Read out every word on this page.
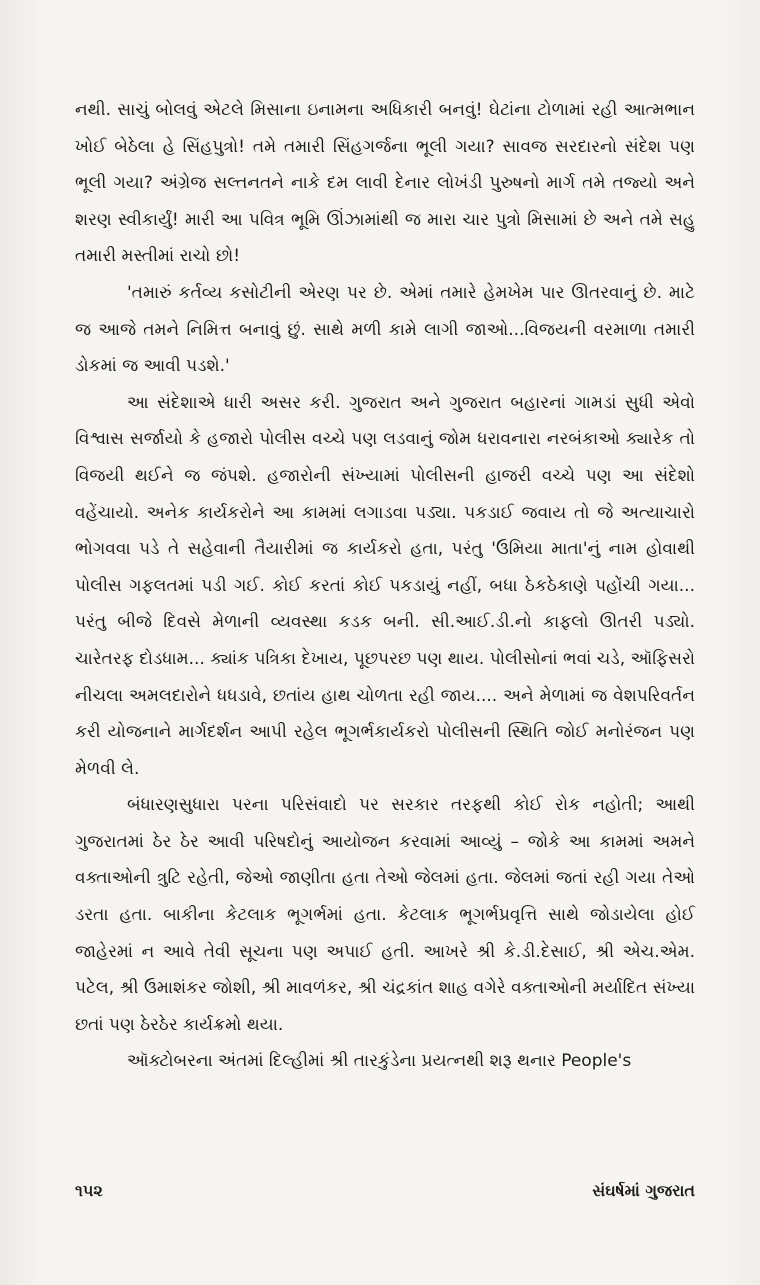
નથી. સાચું બોલવું એટલે મિસાના ઇનામના અધિકારી બનવું! ઘેટાંના ટોળામાં રહી આત્મભાન ખોઈ બેઠેલા હે સિંહપુત્રો! તમે તમારી સિંહગર્જના ભૂલી ગયા? સાવજ સરદારનો સંદેશ પણ ભૂલી ગયા? અંગ્રેજ સલ્તનતને નાકે દમ લાવી દેનાર લોખંડી પુરુષનો માર્ગ તમે તજ્યો અને શરણ સ્વીકાર્યું! મારી આ પવિત્ર ભૂમિ ઊંઝામાંથી જ મારા ચાર પુત્રો મિસામાં છે અને તમે સહુ તમારી મસ્તીમાં રાચો છો!

'તમારું કર્તવ્ય કસોટીની એરણ પર છે. એમાં તમારે હેમખેમ પાર ઊતરવાનું છે. માટે જ આજે તમને નિમિત્ત બનાવું છું. સાથે મળી કામે લાગી જાઓ...વિજયની વરમાળા તમારી ડોકમાં જ આવી પડશે.'

આ સંદેશાએ ધારી અસર કરી. ગુજરાત અને ગુજરાત બહારનાં ગામડાં સુધી એવો વિશ્વાસ સર્જાયો કે હજારો પોલીસ વચ્ચે પણ લડવાનું જોમ ધરાવનારા નરબંકાઓ ક્યારેક તો વિજયી થઈને જ જંપશે. હજારોની સંખ્યામાં પોલીસની હાજરી વચ્ચે પણ આ સંદેશો વહેંચાયો. અનેક કાર્યકરોને આ કામમાં લગાડવા પડ્યા. પકડાઈ જવાય તો જે અત્યાચારો ભોગવવા પડે તે સહેવાની તૈયારીમાં જ કાર્યકરો હતા, પરંતુ 'ઉમિયા માતા'નું નામ હોવાથી પોલીસ ગફલતમાં પડી ગઈ. કોઈ કરતાં કોઈ પકડાયું નહીં, બધા ઠેકઠેકાણે પહોંચી ગયા... પરંતુ બીજે દિવસે મેળાની વ્યવસ્થા કડક બની. સી.આઈ.ડી.નો કાફલો ઊતરી પડ્યો. ચારેતરફ દોડધામ... ક્યાંક પત્રિકા દેખાય, પૂછપરછ પણ થાય. પોલીસોનાં ભવાં ચડે, ઑફિસરો નીચલા અમલદારોને ધધડાવે, છતાંય હાથ ચોળતા રહી જાય.... અને મેળામાં જ વેશપરિવર્તન કરી યોજનાને માર્ગદર્શન આપી રહેલ ભૂગર્ભકાર્યકરો પોલીસની સ્થિતિ જોઈ મનોરંજન પણ મેળવી લે.

બંધારણસુધારા પરના પરિસંવાદો પર સરકાર તરફથી કોઈ રોક નહોતી; આથી ગુજરાતમાં ઠેર ઠેર આવી પરિષદોનું આયોજન કરવામાં આવ્યું – જોકે આ કામમાં અમને વક્તાઓની ત્રુટિ રહેતી, જેઓ જાણીતા હતા તેઓ જેલમાં હતા. જેલમાં જતાં રહી ગયા તેઓ ડરતા હતા. બાકીના કેટલાક ભૂગર્ભમાં હતા. કેટલાક ભૂગર્ભપ્રવૃત્તિ સાથે જોડાયેલા હોઈ જાહેરમાં ન આવે તેવી સૂચના પણ અપાઈ હતી. આખરે શ્રી કે.ડી.દેસાઈ, શ્રી એચ.એમ. પટેલ, શ્રી ઉમાશંકર જોશી, શ્રી માવળંકર, શ્રી ચંદ્રકાંત શાહ વગેરે વક્તાઓની મર્યાદિત સંખ્યા છતાં પણ ઠેરઠેર કાર્યક્રમો થયા.

ઑક્ટોબરના અંતમાં દિલ્હીમાં શ્રી તારકુંડેના પ્રયત્નથી શરૂ થનાર People's

૧૫૨	સંઘર્ષમાં ગુજરાત
